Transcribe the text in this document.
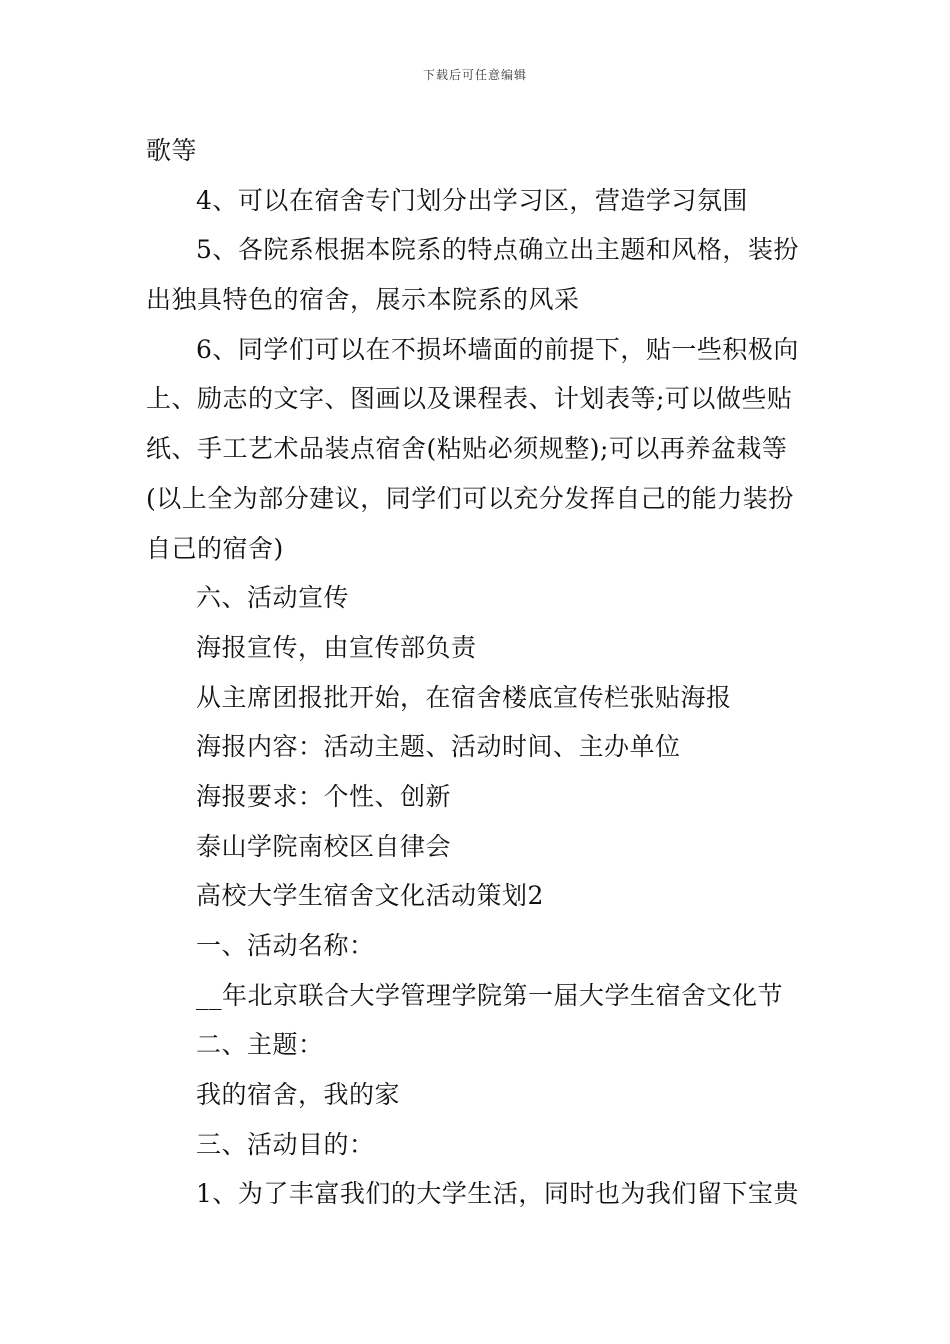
下载后可任意编辑
歌等
4、可以在宿舍专门划分出学习区，营造学习氛围
5、各院系根据本院系的特点确立出主题和风格，装扮
出独具特色的宿舍，展示本院系的风采
6、同学们可以在不损坏墙面的前提下，贴一些积极向
上、励志的文字、图画以及课程表、计划表等;可以做些贴
纸、手工艺术品装点宿舍(粘贴必须规整);可以再养盆栽等
(以上全为部分建议，同学们可以充分发挥自己的能力装扮
自己的宿舍)
六、活动宣传
海报宣传，由宣传部负责
从主席团报批开始，在宿舍楼底宣传栏张贴海报
海报内容：活动主题、活动时间、主办单位
海报要求：个性、创新
泰山学院南校区自律会
高校大学生宿舍文化活动策划2
一、活动名称：
__年北京联合大学管理学院第一届大学生宿舍文化节
二、主题：
我的宿舍，我的家
三、活动目的：
1、为了丰富我们的大学生活，同时也为我们留下宝贵
